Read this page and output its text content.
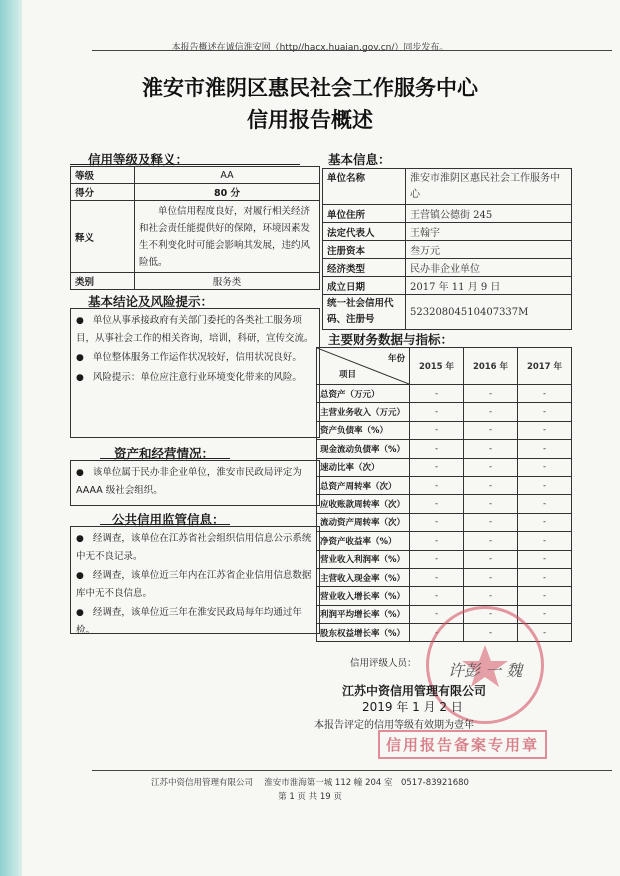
本报告概述在诚信淮安网（http//hacx.huaian.gov.cn/）同步发布。
淮安市淮阴区惠民社会工作服务中心
信用报告概述
信用等级及释义：
等级	AA
得分	80 分
释义	单位信用程度良好，对履行相关经济和社会责任能提供好的保障，环境因素发生不利变化时可能会影响其发展，违约风险低。
类别	服务类
基本信息：
单位名称	淮安市淮阴区惠民社会工作服务中心
单位住所	王营镇公德街 245
法定代表人	王翰宇
注册资本	叁万元
经济类型	民办非企业单位
成立日期	2017 年 11 月 9 日
统一社会信用代码、注册号	52320804510407337M
基本结论及风险提示：

●　单位从事承接政府有关部门委托的各类社工服务项目，从事社会工作的相关咨询，培训，科研，宣传交流。

●　单位整体服务工作运作状况较好，信用状况良好。

●　风险提示：单位应注意行业环境变化带来的风险。

资产和经营情况：

●　该单位属于民办非企业单位，淮安市民政局评定为 AAAA 级社会组织。

公共信用监管信息：

●　经调查，该单位在江苏省社会组织信用信息公示系统中无不良记录。

●　经调查，该单位近三年内在江苏省企业信用信息数据库中无不良信息。

●　经调查，该单位近三年在淮安民政局每年均通过年检。

主要财务数据与指标：
年份
项目	2015 年	2016 年	2017 年
总资产（万元）	-	-	-
主营业务收入（万元）	-	-	-
资产负债率（%）	-	-	-
现金流动负债率（%）	-	-	-
速动比率（次）	-	-	-
总资产周转率（次）	-	-	-
应收账款周转率（次）	-	-	-
流动资产周转率（次）	-	-	-
净资产收益率（%）	-	-	-
营业收入利润率（%）	-	-	-
主营收入现金率（%）	-	-	-
营业收入增长率（%）	-	-	-
利润平均增长率（%）	-	-	-
股东权益增长率（%）	-	-	-
信用评级人员： 许彭 一 魏
江苏中资信用管理有限公司
2019 年 1 月 2 日
本报告评定的信用等级有效期为壹年
信用报告备案专用章
江苏中资信用管理有限公司　 淮安市淮海第一城 112 幢 204 室　0517-83921680
第 1 页 共 19 页
